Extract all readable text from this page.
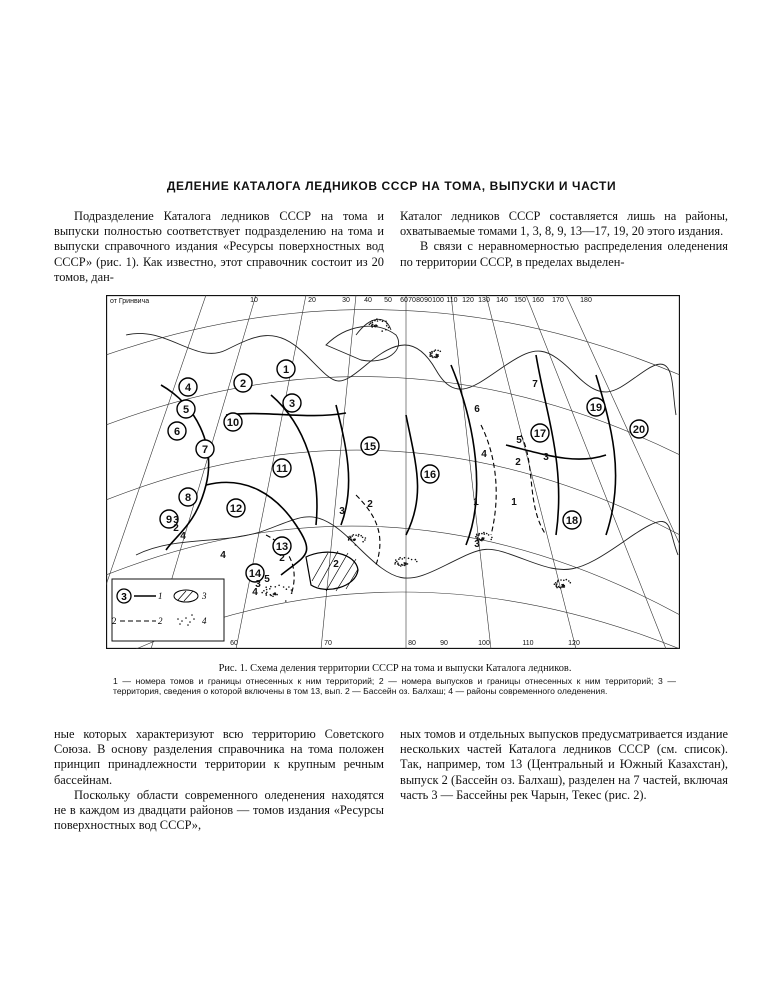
ДЕЛЕНИЕ КАТАЛОГА ЛЕДНИКОВ СССР НА ТОМА, ВЫПУСКИ И ЧАСТИ

Подразделение Каталога ледников СССР на тома и выпуски полностью соответствует подразделению на тома и выпуски справочного издания «Ресурсы поверхностных вод СССР» (рис. 1). Как известно, этот справочник состоит из 20 томов, дан-

Каталог ледников СССР составляется лишь на районы, охватываемые томами 1, 3, 8, 9, 13—17, 19, 20 этого издания.

В связи с неравномерностью распределения оледенения по территории СССР, в пределах выделен-

10	20	30 40 50 60 70 80 90 100 110 120 130 140 150 160 170 180
60	70	80	90	100	110	120
от Гринвича
1
2
3
4
5
6
7
8
9
10
11
12
13
14
15
16
17
18
19
20
1
2
2
2
2
3
3
3
3
4
4
4
4
5
5
6
7
1
3
2
3	1
2	2
3
4
Рис. 1. Схема деления территории СССР на тома и выпуски Каталога ледников.
1 — номера томов и границы отнесенных к ним территорий; 2 — номера выпусков и границы отнесенных к ним территорий; 3 — территория, сведения о которой включены в том 13, вып. 2 — Бассейн оз. Балхаш; 4 — районы современного оледенения.

ные которых характеризуют всю территорию Советского Союза. В основу разделения справочника на тома положен принцип принадлежности территории к крупным речным бассейнам.

Поскольку области современного оледенения находятся не в каждом из двадцати районов — томов издания «Ресурсы поверхностных вод СССР»,

ных томов и отдельных выпусков предусматривается издание нескольких частей Каталога ледников СССР (см. список). Так, например, том 13 (Центральный и Южный Казахстан), выпуск 2 (Бассейн оз. Балхаш), разделен на 7 частей, включая часть 3 — Бассейны рек Чарын, Текес (рис. 2).
